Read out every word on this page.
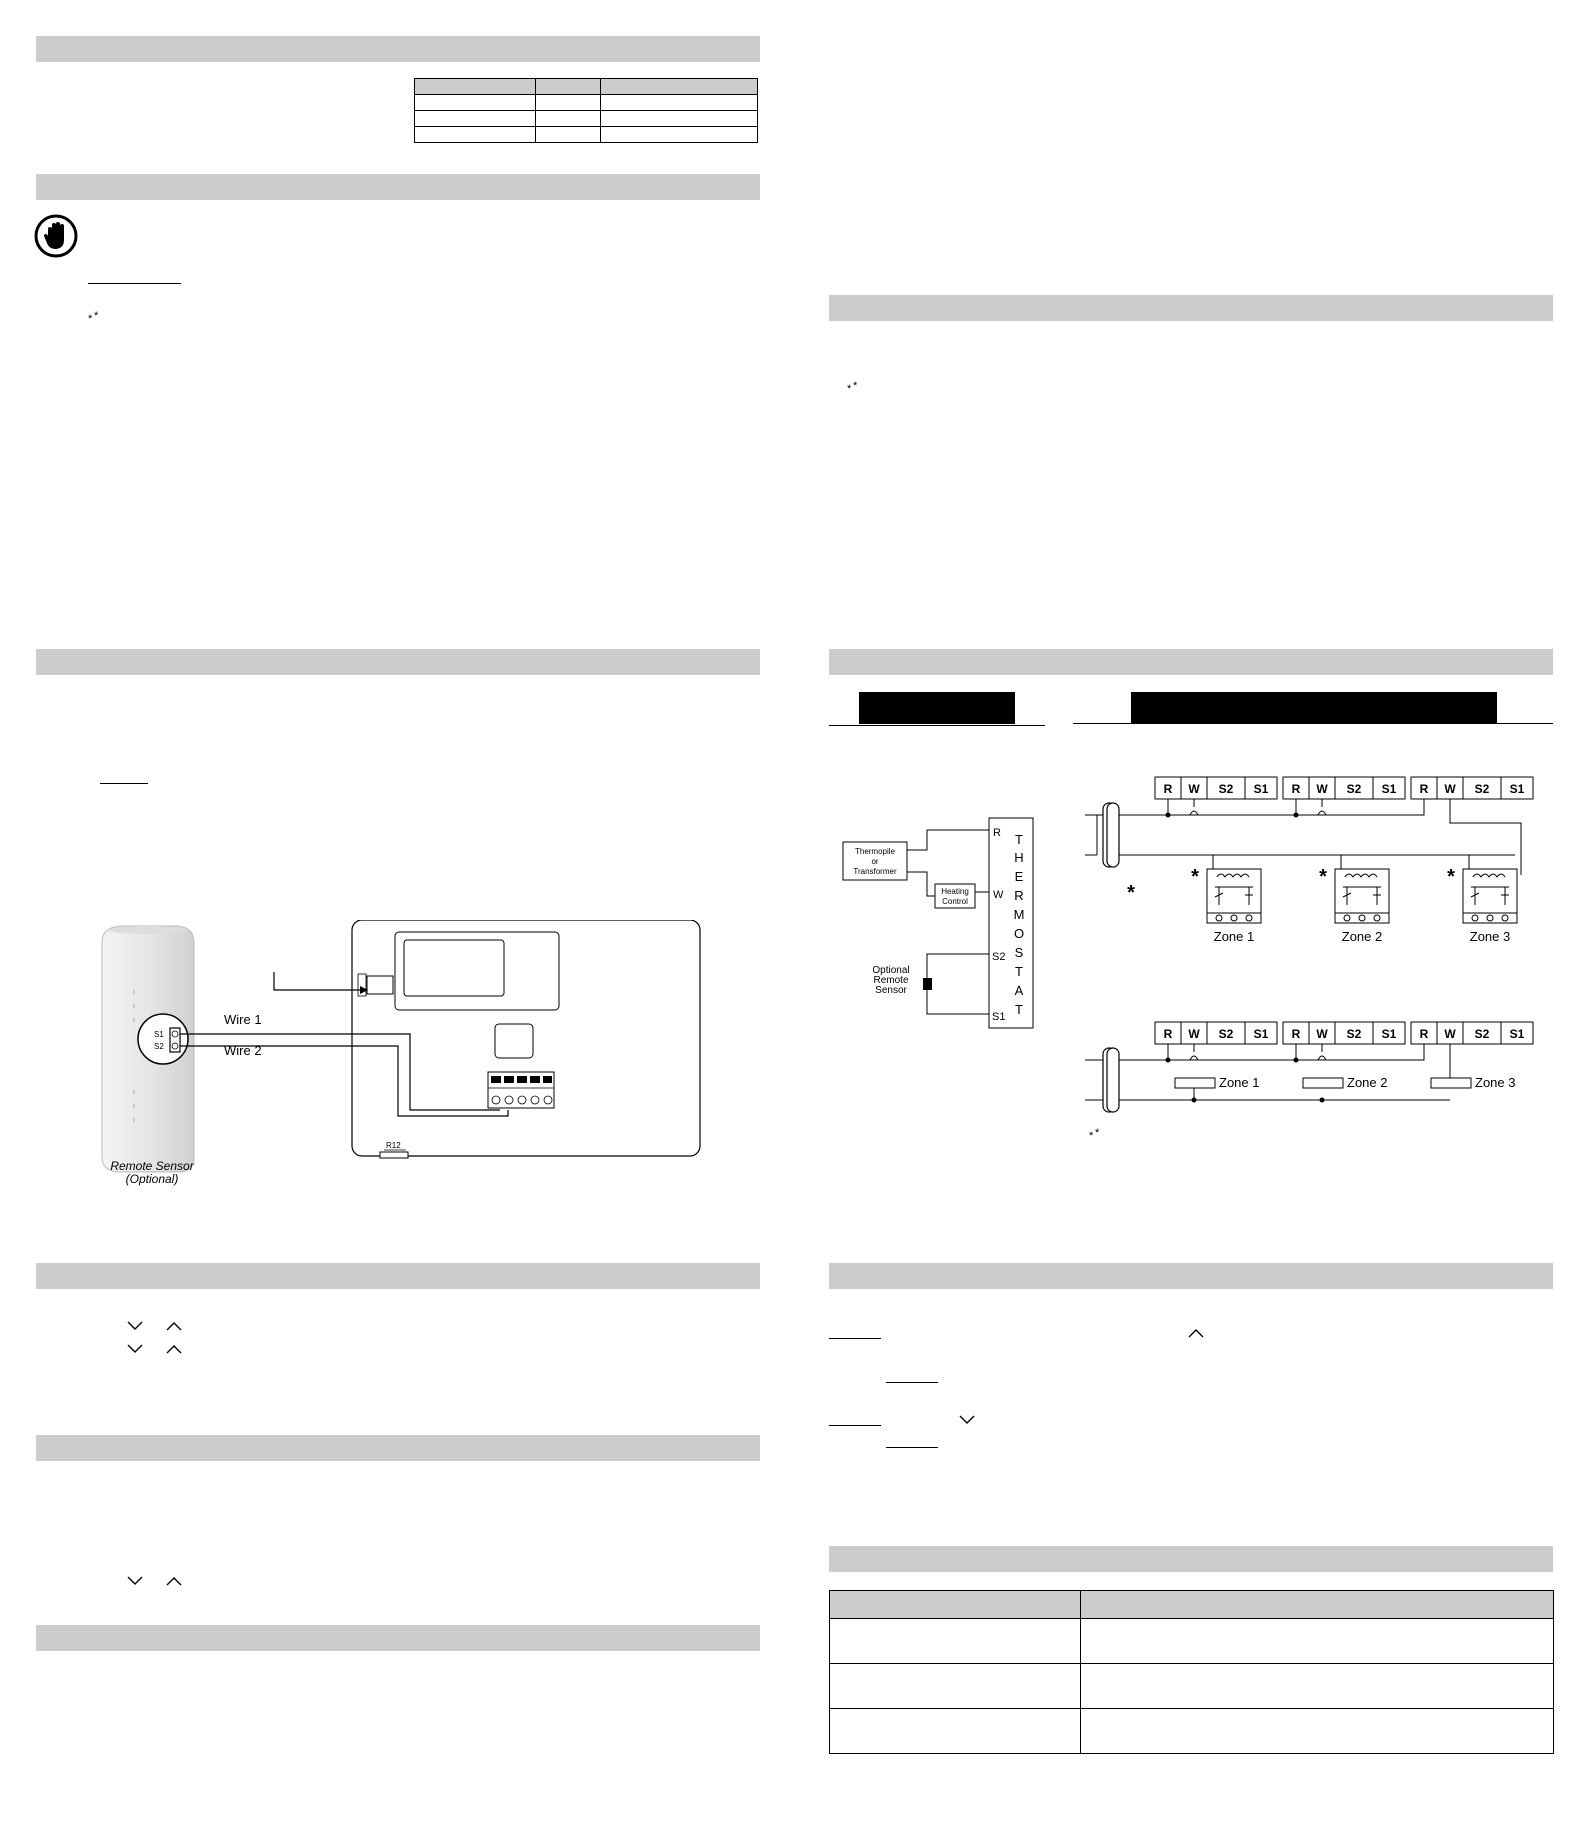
* *
S1
S2
Wire 1
Wire 2
R12
Remote Sensor
(Optional)
* *
R
W
S2
S1
T
H
E
R
M
O
S
T
A
T
Thermopile
or
Transformer
Heating
Control
Optional
Remote
Sensor
R W S2 S1 R W S2 S1 R W S2 S1
Zone 1
*
Zone 2
*
Zone 3
*
*
R W S2 S1 R W S2 S1 R W S2 S1
Zone 1	Zone 2	Zone 3
* *
